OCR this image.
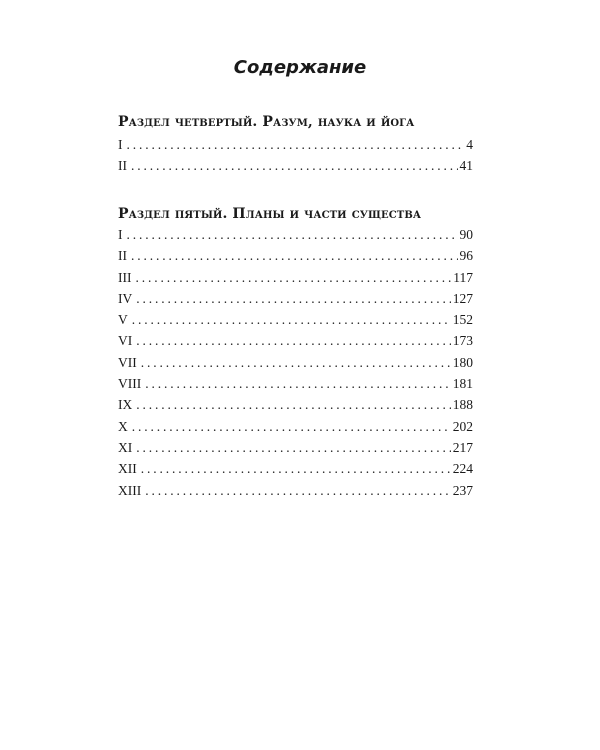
Содержание
Раздел четвертый. Разум, наука и йога
I . . .	4
II . . .	41
Раздел пятый. Планы и части существа
I . . .	90
II . . .	96
III . . .	117
IV . . .	127
V . . .	152
VI . . .	173
VII . . .	180
VIII . . .	181
IX . . .	188
X . . .	202
XI . . .	217
XII . . .	224
XIII . . .	237
